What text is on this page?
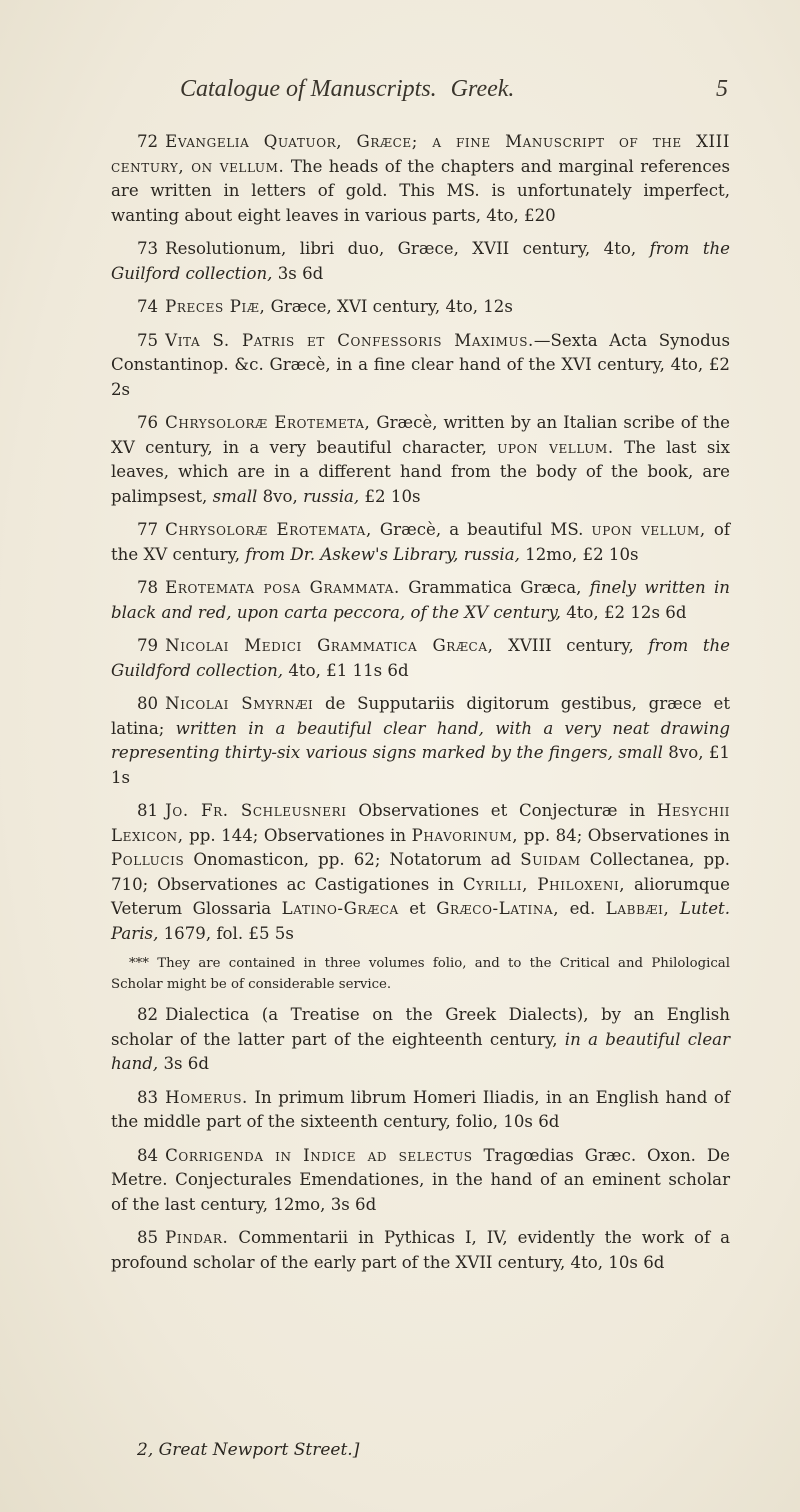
Catalogue of Manuscripts. Greek.	5

72 Evangelia Quatuor, Græce; a fine Manuscript of the XIII century, on vellum. The heads of the chapters and marginal references are written in letters of gold. This MS. is unfortunately imperfect, wanting about eight leaves in various parts, 4to, £20

73 Resolutionum, libri duo, Græce, XVII century, 4to, from the Guilford collection, 3s 6d

74 Preces Piæ, Græce, XVI century, 4to, 12s

75 Vita S. Patris et Confessoris Maximus.—Sexta Acta Synodus Constantinop. &c. Græcè, in a fine clear hand of the XVI century, 4to, £2 2s

76 Chrysoloræ Erotemeta, Græcè, written by an Italian scribe of the XV century, in a very beautiful character, upon vellum. The last six leaves, which are in a different hand from the body of the book, are palimpsest, small 8vo, russia, £2 10s

77 Chrysoloræ Erotemata, Græcè, a beautiful MS. upon vellum, of the XV century, from Dr. Askew's Library, russia, 12mo, £2 10s

78 Erotemata posa Grammata. Grammatica Græca, finely written in black and red, upon carta peccora, of the XV century, 4to, £2 12s 6d

79 Nicolai Medici Grammatica Græca, XVIII century, from the Guildford collection, 4to, £1 11s 6d

80 Nicolai Smyrnæi de Supputariis digitorum gestibus, græce et latina; written in a beautiful clear hand, with a very neat drawing representing thirty-six various signs marked by the fingers, small 8vo, £1 1s

81 Jo. Fr. Schleusneri Observationes et Conjecturæ in Hesychii Lexicon, pp. 144; Observationes in Phavorinum, pp. 84; Observationes in Pollucis Onomasticon, pp. 62; Notatorum ad Suidam Collectanea, pp. 710; Observationes ac Castigationes in Cyrilli, Philoxeni, aliorumque Veterum Glossaria Latino-Græca et Græco-Latina, ed. Labbæi, Lutet. Paris, 1679, fol. £5 5s

*** They are contained in three volumes folio, and to the Critical and Philological Scholar might be of considerable service.

82 Dialectica (a Treatise on the Greek Dialects), by an English scholar of the latter part of the eighteenth century, in a beautiful clear hand, 3s 6d

83 Homerus. In primum librum Homeri Iliadis, in an English hand of the middle part of the sixteenth century, folio, 10s 6d

84 Corrigenda in Indice ad selectus Tragœdias Græc. Oxon. De Metre. Conjecturales Emendationes, in the hand of an eminent scholar of the last century, 12mo, 3s 6d

85 Pindar. Commentarii in Pythicas I, IV, evidently the work of a profound scholar of the early part of the XVII century, 4to, 10s 6d

2, Great Newport Street.]
